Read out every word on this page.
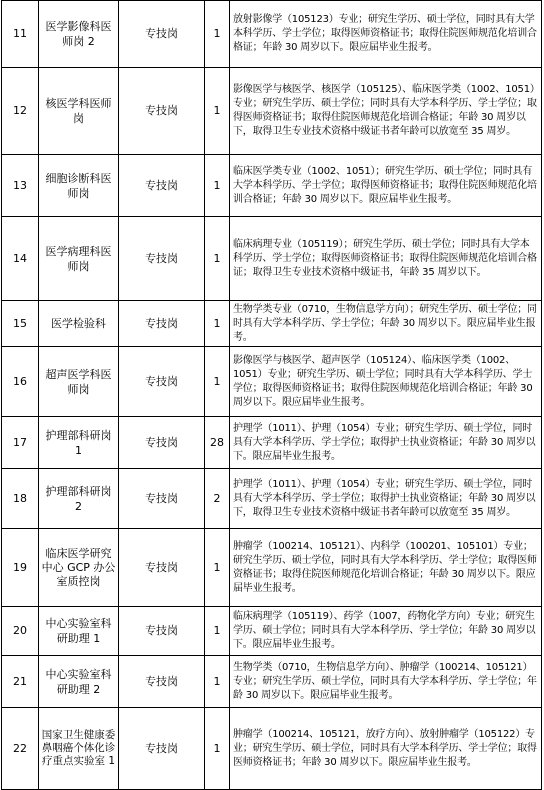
11	医学影像科医师岗 2	专技岗	1	放射影像学（105123）专业；研究生学历、硕士学位，同时具有大学本科学历、学士学位；取得医师资格证书；取得住院医师规范化培训合格证；年龄 30 周岁以下。限应届毕业生报考。
12	核医学科医师岗	专技岗	1	影像医学与核医学、核医学（105125）、临床医学类（1002、1051）专业；研究生学历、硕士学位；同时具有大学本科学历、学士学位；取得医师资格证书；取得住院医师规范化培训合格证；年龄 30 周岁以下，取得卫生专业技术资格中级证书者年龄可以放宽至 35 周岁。
13	细胞诊断科医师岗	专技岗	1	临床医学类专业（1002、1051）；研究生学历、硕士学位；同时具有大学本科学历、学士学位；取得医师资格证书；取得住院医师规范化培训合格证；年龄 30 周岁以下。限应届毕业生报考。
14	医学病理科医师岗	专技岗	1	临床病理专业（105119）；研究生学历、硕士学位；同时具有大学本科学历、学士学位；取得医师资格证书；取得住院医师规范化培训合格证；取得卫生专业技术资格中级证书，年龄 35 周岁以下。
15	医学检验科	专技岗	1	生物学类专业（0710，生物信息学方向）；研究生学历、硕士学位；同时具有大学本科学历、学士学位；年龄 30 周岁以下。限应届毕业生报考。
16	超声医学科医师岗	专技岗	1	影像医学与核医学、超声医学（105124）、临床医学类（1002、1051）专业；研究生学历、硕士学位；同时具有大学本科学历、学士学位；取得医师资格证书；取得住院医师规范化培训合格证；年龄 30 周岁以下。限应届毕业生报考。
17	护理部科研岗 1	专技岗	28	护理学（1011）、护理（1054）专业；研究生学历、硕士学位，同时具有大学本科学历、学士学位；取得护士执业资格证；年龄 30 周岁以下。限应届毕业生报考。
18	护理部科研岗 2	专技岗	2	护理学（1011）、护理（1054）专业；研究生学历、硕士学位，同时具有大学本科学历、学士学位；取得护士执业资格证；年龄 30 周岁以下，取得卫生专业技术资格中级证书者年龄可以放宽至 35 周岁。
19	临床医学研究中心 GCP 办公室质控岗	专技岗	1	肿瘤学（100214、105121）、内科学（100201、105101）专业；研究生学历、硕士学位，同时具有大学本科学历、学士学位；取得医师资格证书；取得住院医师规范化培训合格证；年龄 30 周岁以下。限应届毕业生报考。
20	中心实验室科研助理 1	专技岗	1	临床病理学（105119）、药学（1007，药物化学方向）专业；研究生学历、硕士学位；同时具有大学本科学历、学士学位；年龄 30 周岁以下。限应届毕业生报考。
21	中心实验室科研助理 2	专技岗	1	生物学类（0710，生物信息学方向）、肿瘤学（100214、105121）专业；研究生学历、硕士学位，同时具有大学本科学历、学士学位；年龄 30 周岁以下。限应届毕业生报考。
22	国家卫生健康委鼻咽癌个体化诊疗重点实验室 1	专技岗	1	肿瘤学（100214、105121，放疗方向）、放射肿瘤学（105122）专业；研究生学历、硕士学位，同时具有大学本科学历、学士学位；取得医师资格证书；年龄 30 周岁以下。限应届毕业生报考。
